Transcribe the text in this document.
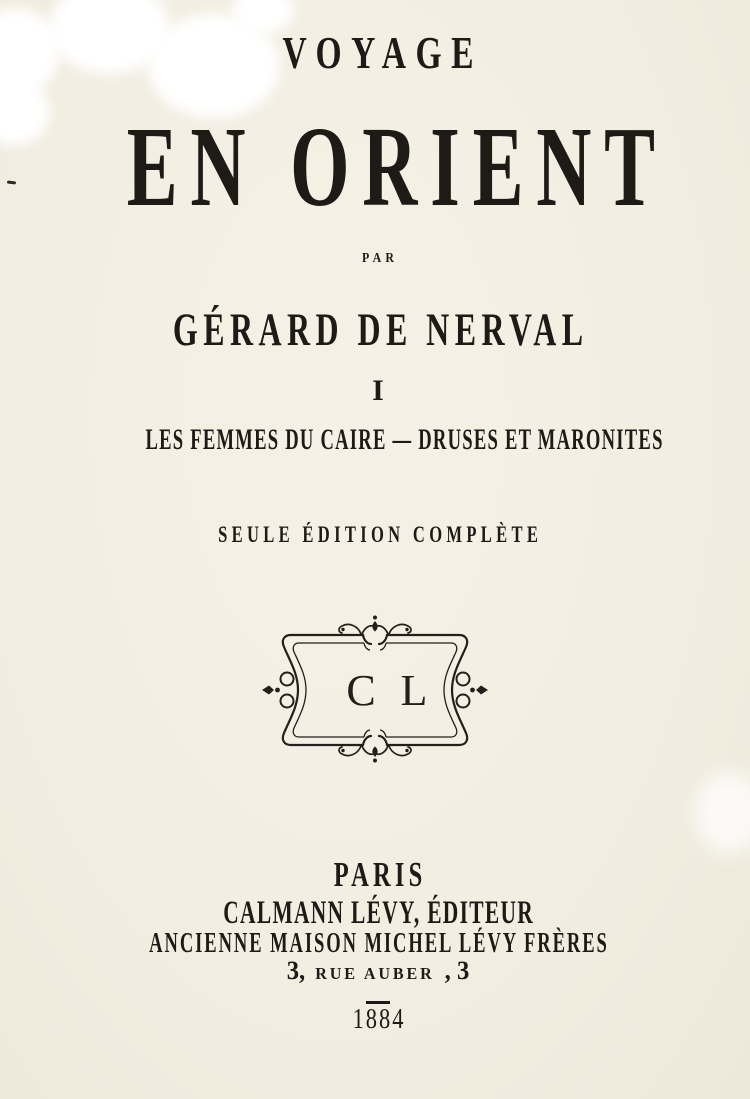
VOYAGE
EN ORIENT
PAR
GÉRARD DE NERVAL
I
LES FEMMES DU CAIRE — DRUSES ET MARONITES
SEULE ÉDITION COMPLÈTE
C L
PARIS
CALMANN LÉVY, ÉDITEUR
ANCIENNE MAISON MICHEL LÉVY FRÈRES
3, RUE AUBER , 3
1884
